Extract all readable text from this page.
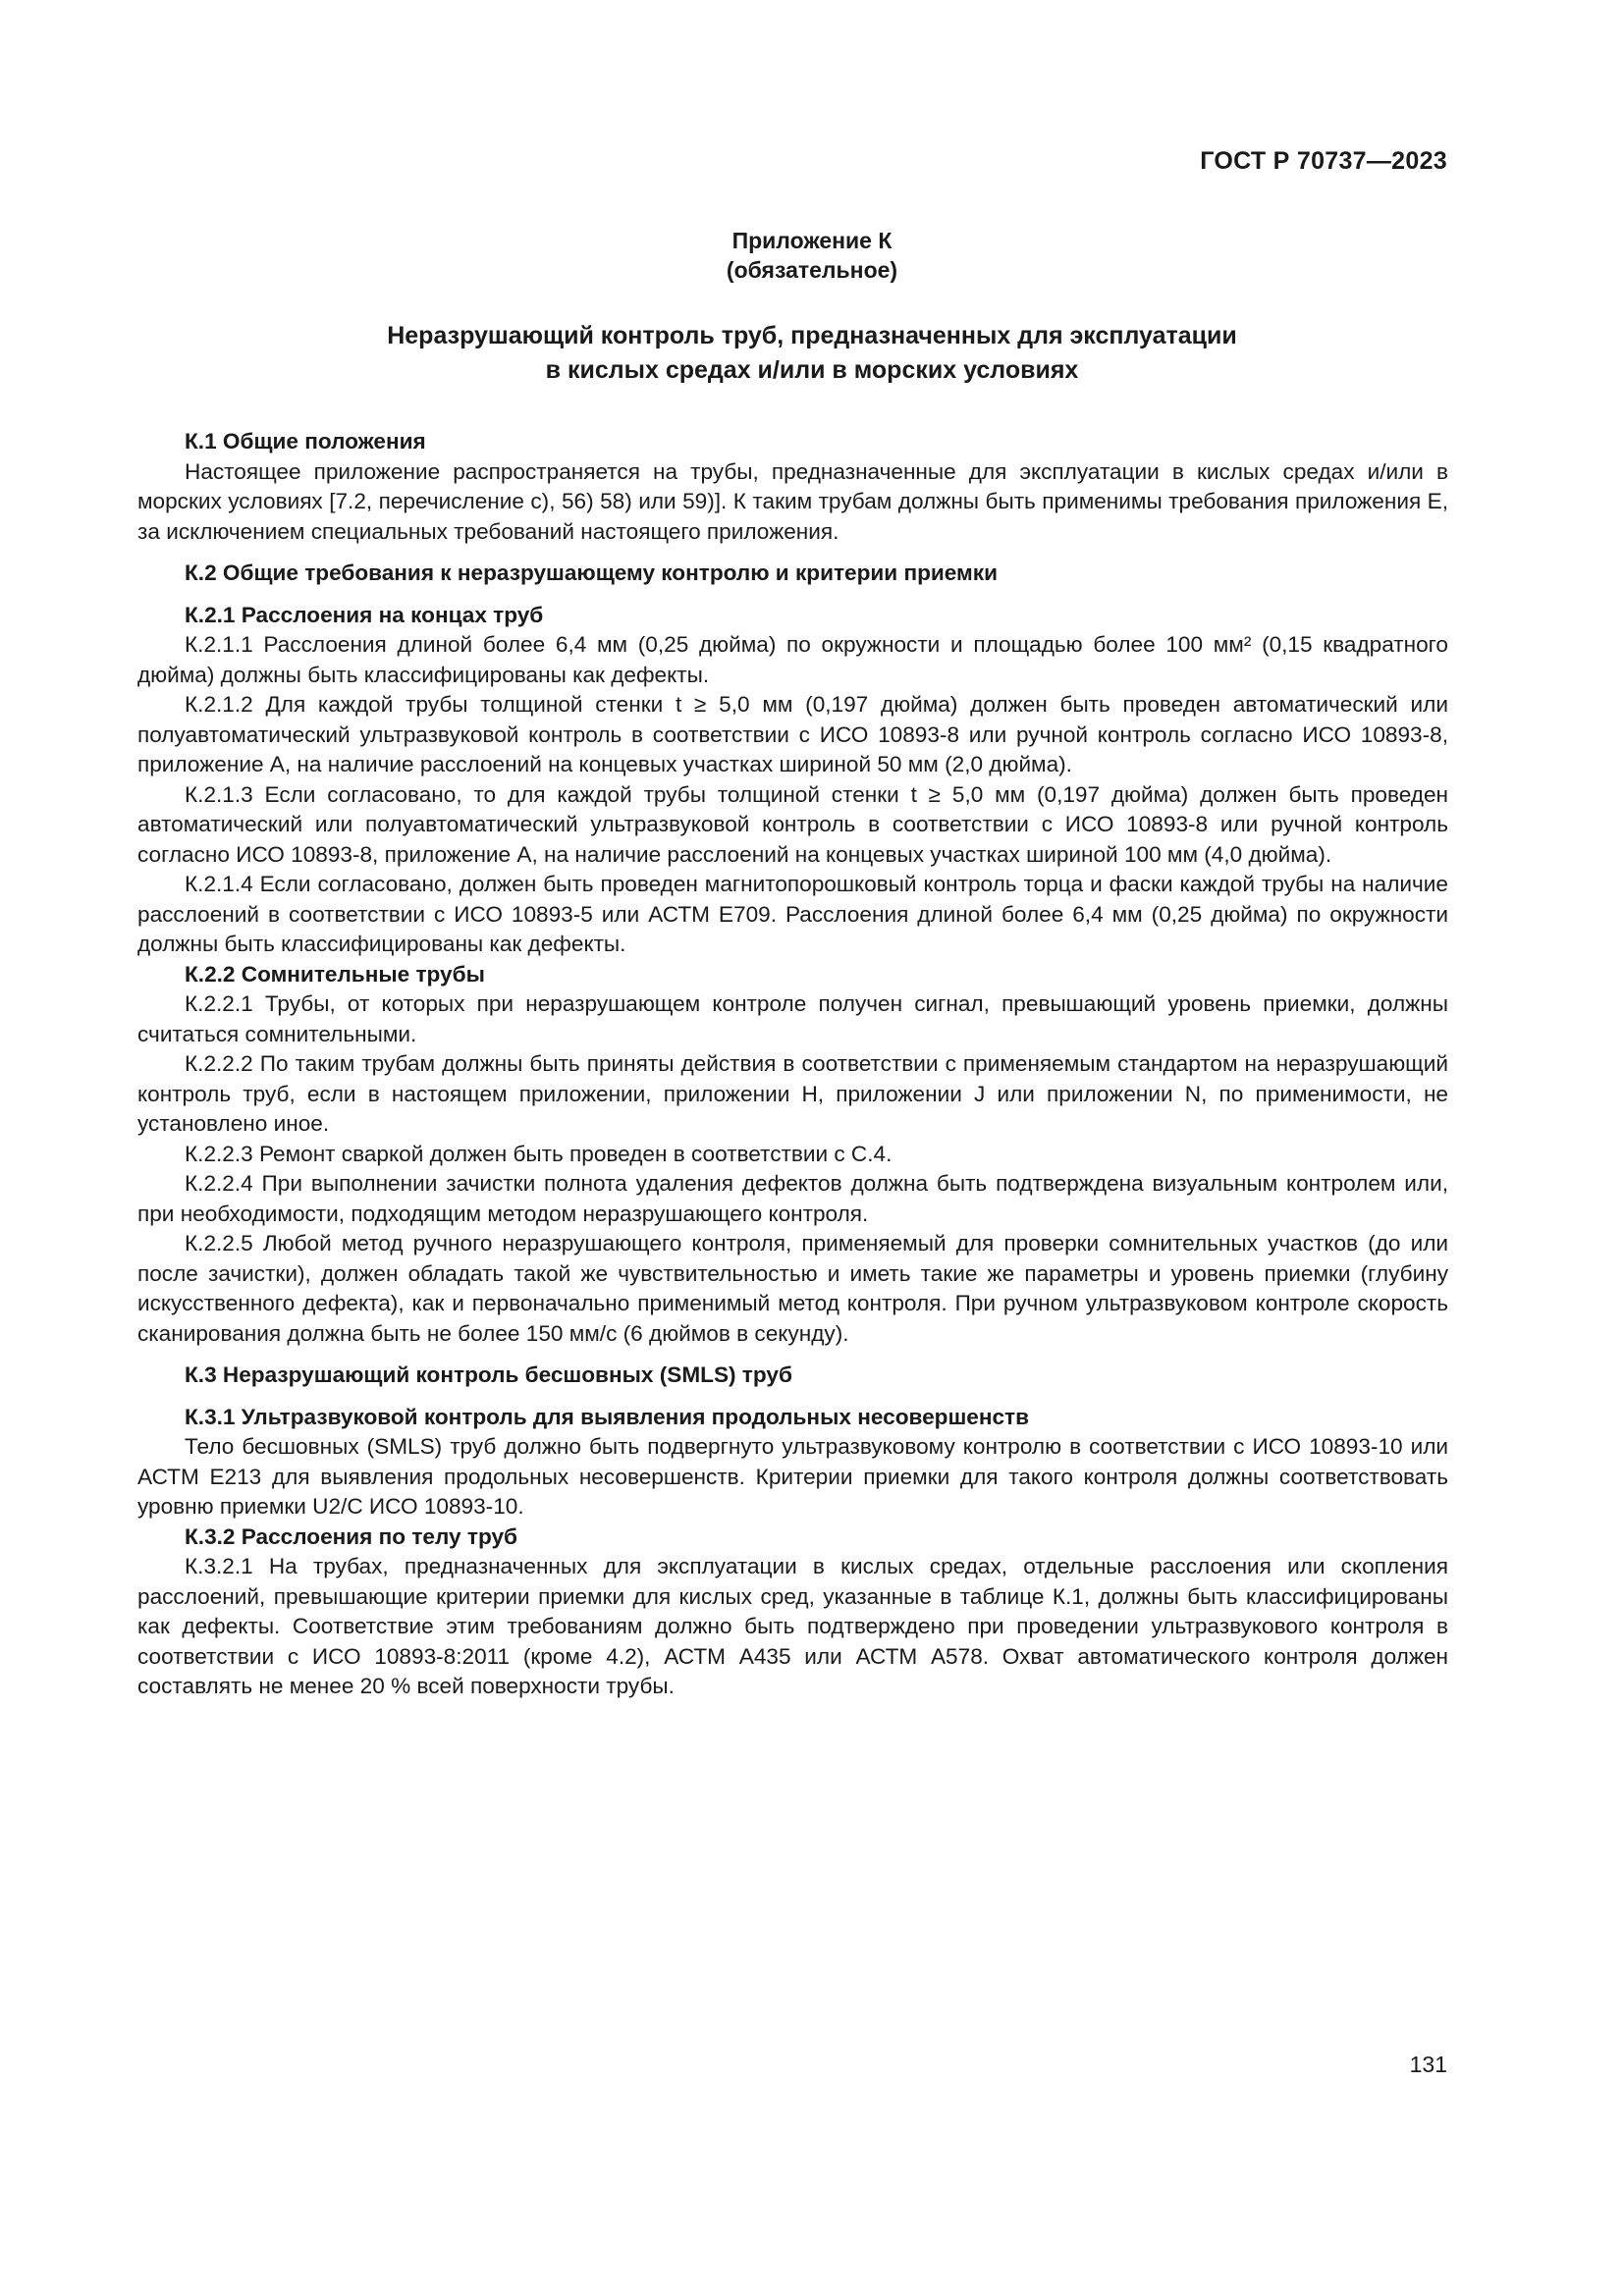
ГОСТ Р 70737—2023
Приложение К
(обязательное)
Неразрушающий контроль труб, предназначенных для эксплуатации
в кислых средах и/или в морских условиях
К.1 Общие положения

Настоящее приложение распространяется на трубы, предназначенные для эксплуатации в кислых средах и/или в морских условиях [7.2, перечисление с), 56) 58) или 59)]. К таким трубам должны быть применимы требования приложения Е, за исключением специальных требований настоящего приложения.

К.2 Общие требования к неразрушающему контролю и критерии приемки
К.2.1 Расслоения на концах труб

К.2.1.1 Расслоения длиной более 6,4 мм (0,25 дюйма) по окружности и площадью более 100 мм² (0,15 квадратного дюйма) должны быть классифицированы как дефекты.

К.2.1.2 Для каждой трубы толщиной стенки t ≥ 5,0 мм (0,197 дюйма) должен быть проведен автоматический или полуавтоматический ультразвуковой контроль в соответствии с ИСО 10893-8 или ручной контроль согласно ИСО 10893-8, приложение А, на наличие расслоений на концевых участках шириной 50 мм (2,0 дюйма).

К.2.1.3 Если согласовано, то для каждой трубы толщиной стенки t ≥ 5,0 мм (0,197 дюйма) должен быть проведен автоматический или полуавтоматический ультразвуковой контроль в соответствии с ИСО 10893-8 или ручной контроль согласно ИСО 10893-8, приложение А, на наличие расслоений на концевых участках шириной 100 мм (4,0 дюйма).

К.2.1.4 Если согласовано, должен быть проведен магнитопорошковый контроль торца и фаски каждой трубы на наличие расслоений в соответствии с ИСО 10893-5 или АСТМ Е709. Расслоения длиной более 6,4 мм (0,25 дюйма) по окружности должны быть классифицированы как дефекты.

К.2.2 Сомнительные трубы

К.2.2.1 Трубы, от которых при неразрушающем контроле получен сигнал, превышающий уровень приемки, должны считаться сомнительными.

К.2.2.2 По таким трубам должны быть приняты действия в соответствии с применяемым стандартом на неразрушающий контроль труб, если в настоящем приложении, приложении Н, приложении J или приложении N, по применимости, не установлено иное.

К.2.2.3 Ремонт сваркой должен быть проведен в соответствии с С.4.

К.2.2.4 При выполнении зачистки полнота удаления дефектов должна быть подтверждена визуальным контролем или, при необходимости, подходящим методом неразрушающего контроля.

К.2.2.5 Любой метод ручного неразрушающего контроля, применяемый для проверки сомнительных участков (до или после зачистки), должен обладать такой же чувствительностью и иметь такие же параметры и уровень приемки (глубину искусственного дефекта), как и первоначально применимый метод контроля. При ручном ультразвуковом контроле скорость сканирования должна быть не более 150 мм/с (6 дюймов в секунду).

К.3 Неразрушающий контроль бесшовных (SMLS) труб
К.3.1 Ультразвуковой контроль для выявления продольных несовершенств

Тело бесшовных (SMLS) труб должно быть подвергнуто ультразвуковому контролю в соответствии с ИСО 10893-10 или АСТМ Е213 для выявления продольных несовершенств. Критерии приемки для такого контроля должны соответствовать уровню приемки U2/C ИСО 10893-10.

К.3.2 Расслоения по телу труб

К.3.2.1 На трубах, предназначенных для эксплуатации в кислых средах, отдельные расслоения или скопления расслоений, превышающие критерии приемки для кислых сред, указанные в таблице К.1, должны быть классифицированы как дефекты. Соответствие этим требованиям должно быть подтверждено при проведении ультразвукового контроля в соответствии с ИСО 10893-8:2011 (кроме 4.2), АСТМ А435 или АСТМ А578. Охват автоматического контроля должен составлять не менее 20 % всей поверхности трубы.

131
